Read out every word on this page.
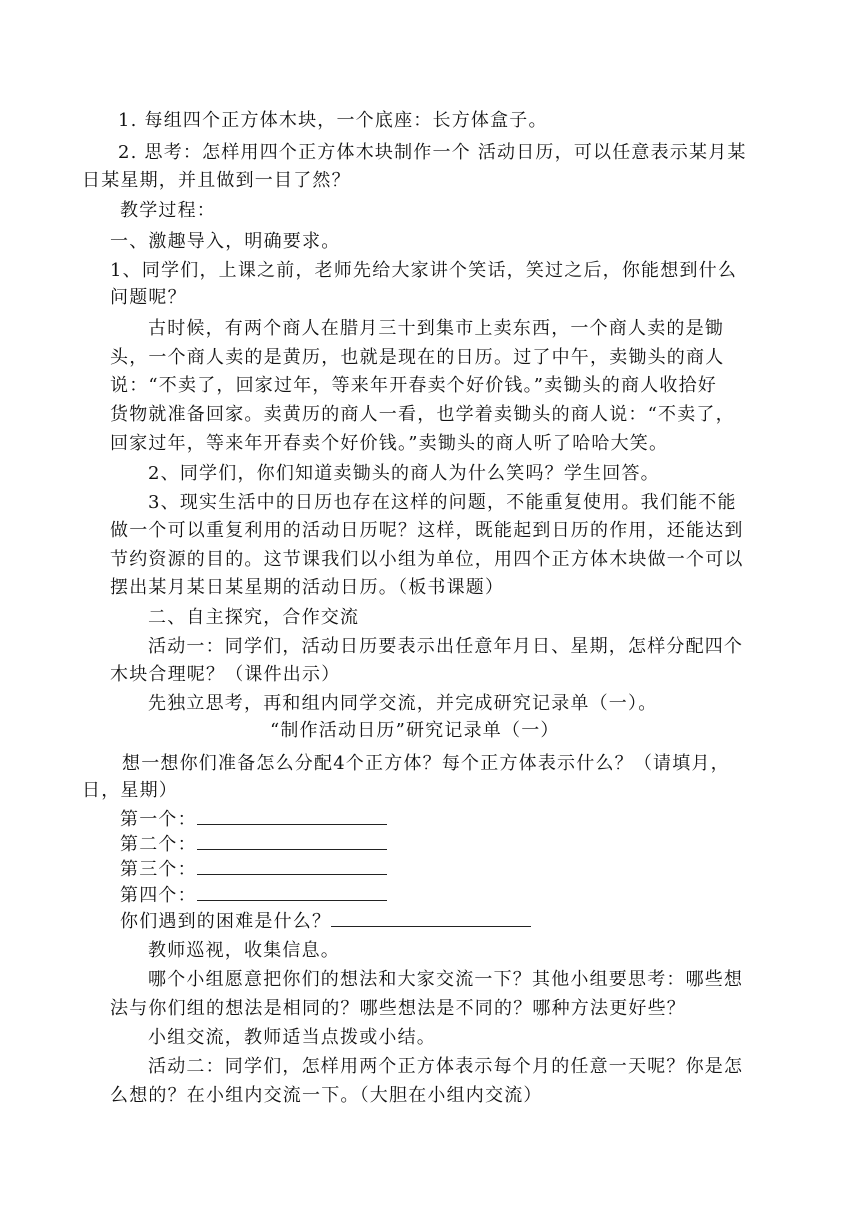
1. 每组四个正方体木块，一个底座：长方体盒子。
2. 思考：怎样用四个正方体木块制作一个 活动日历，可以任意表示某月某
日某星期，并且做到一目了然？
教学过程：
一、激趣导入，明确要求。
1、同学们，上课之前，老师先给大家讲个笑话，笑过之后，你能想到什么
问题呢？
古时候，有两个商人在腊月三十到集市上卖东西，一个商人卖的是锄
头，一个商人卖的是黄历，也就是现在的日历。过了中午，卖锄头的商人
说：“不卖了，回家过年，等来年开春卖个好价钱。”卖锄头的商人收拾好
货物就准备回家。卖黄历的商人一看，也学着卖锄头的商人说：“不卖了，
回家过年，等来年开春卖个好价钱。”卖锄头的商人听了哈哈大笑。
2、同学们，你们知道卖锄头的商人为什么笑吗？学生回答。
3、现实生活中的日历也存在这样的问题，不能重复使用。我们能不能
做一个可以重复利用的活动日历呢？这样，既能起到日历的作用，还能达到
节约资源的目的。这节课我们以小组为单位，用四个正方体木块做一个可以
摆出某月某日某星期的活动日历。（板书课题）
二、自主探究，合作交流
活动一：同学们，活动日历要表示出任意年月日、星期，怎样分配四个
木块合理呢？（课件出示）
先独立思考，再和组内同学交流，并完成研究记录单（一）。
“制作活动日历”研究记录单（一）
想一想你们准备怎么分配4个正方体？每个正方体表示什么？（请填月，
日，星期）
第一个：
第二个：
第三个：
第四个：
你们遇到的困难是什么？
教师巡视，收集信息。
哪个小组愿意把你们的想法和大家交流一下？其他小组要思考：哪些想
法与你们组的想法是相同的？哪些想法是不同的？哪种方法更好些？
小组交流，教师适当点拨或小结。
活动二：同学们，怎样用两个正方体表示每个月的任意一天呢？你是怎
么想的？在小组内交流一下。（大胆在小组内交流）
